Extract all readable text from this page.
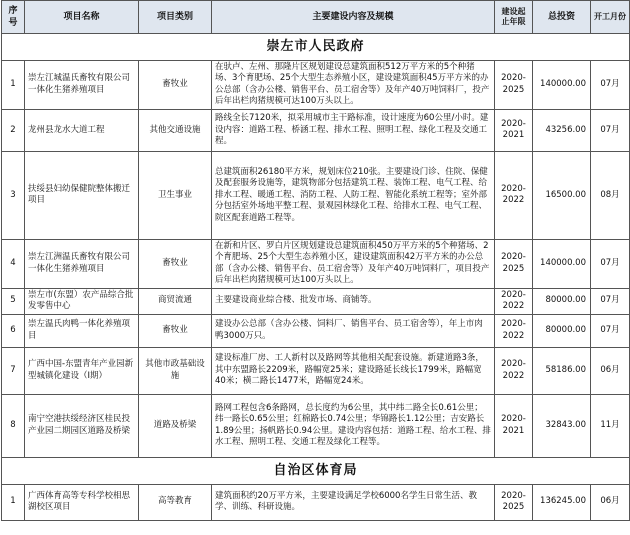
序号	项目名称	项目类别	主要建设内容及规模	建设起止年限	总投资	开工月份
崇左市人民政府						
1	崇左江城温氏畜牧有限公司一体化生猪养殖项目	畜牧业	在驮卢、左州、那隆片区规划建设总建筑面积512万平方米的5个种猪场、3个育肥场、25个大型生态养殖小区，建设建筑面积45万平方米的办公总部（含办公楼、销售平台、员工宿舍等）及年产40万吨饲料厂，投产后年出栏肉猪规模可达100万头以上。	2020-2025	140000.00	07月
2	龙州县龙水大道工程	其他交通设施	路线全长7120米，拟采用城市主干路标准，设计速度为60公里/小时。建设内容：道路工程、桥涵工程、排水工程、照明工程、绿化工程及交通工程。	2020-2021	43256.00	07月
3	扶绥县妇幼保健院整体搬迁项目	卫生事业	总建筑面积26180平方米，规划床位210张。主要建设门诊、住院、保健及配套服务设施等，建筑物部分包括建筑工程、装饰工程、电气工程、给排水工程、暖通工程、消防工程、人防工程、智能化系统工程等；室外部分包括室外场地平整工程、景观园林绿化工程、给排水工程、电气工程、院区配套道路工程等。	2020-2022	16500.00	08月
4	崇左江洲温氏畜牧有限公司一体化生猪养殖项目	畜牧业	在新和片区、罗白片区规划建设总建筑面积450万平方米的5个种猪场、2个育肥场、25个大型生态养殖小区，建设建筑面积42万平方米的办公总部（含办公楼、销售平台、员工宿舍等）及年产40万吨饲料厂，项目投产后年出栏肉猪规模可达100万头以上。	2020-2025	140000.00	07月
5	崇左市(东盟）农产品综合批发零售中心	商贸流通	主要建设商业综合楼、批发市场、商铺等。	2020-2022	80000.00	07月
6	崇左温氏肉鸭一体化养殖项目	畜牧业	建设办公总部（含办公楼、饲料厂、销售平台、员工宿舍等），年上市肉鸭3000万只。	2020-2022	80000.00	07月
7	广西中国-东盟青年产业园新型城镇化建设（Ⅰ期）	其他市政基础设施	建设标准厂房、工人新村以及路网等其他相关配套设施。新建道路3条，其中东盟路长2209米，路幅宽25米；建设路延长线长1799米，路幅宽40米；横二路长1477米，路幅宽24米。	2020-2022	58186.00	06月
8	南宁空港扶绥经济区桂民投产业园二期园区道路及桥梁	道路及桥梁	路网工程包含6条路网，总长度约为6公里，其中纬二路全长0.61公里；纬一路长0.65公里；红棉路长0.74公里；华锦路长1.12公里；吉安路长1.89公里；扬帆路长0.94公里。建设内容包括：道路工程、给水工程、排水工程、照明工程、交通工程及绿化工程等。	2020-2021	32843.00	11月
自治区体育局						
1	广西体育高等专科学校相思湖校区项目	高等教育	建筑面积约20万平方米，主要建设满足学校6000名学生日常生活、教学、训练、科研设施。	2020-2025	136245.00	06月
